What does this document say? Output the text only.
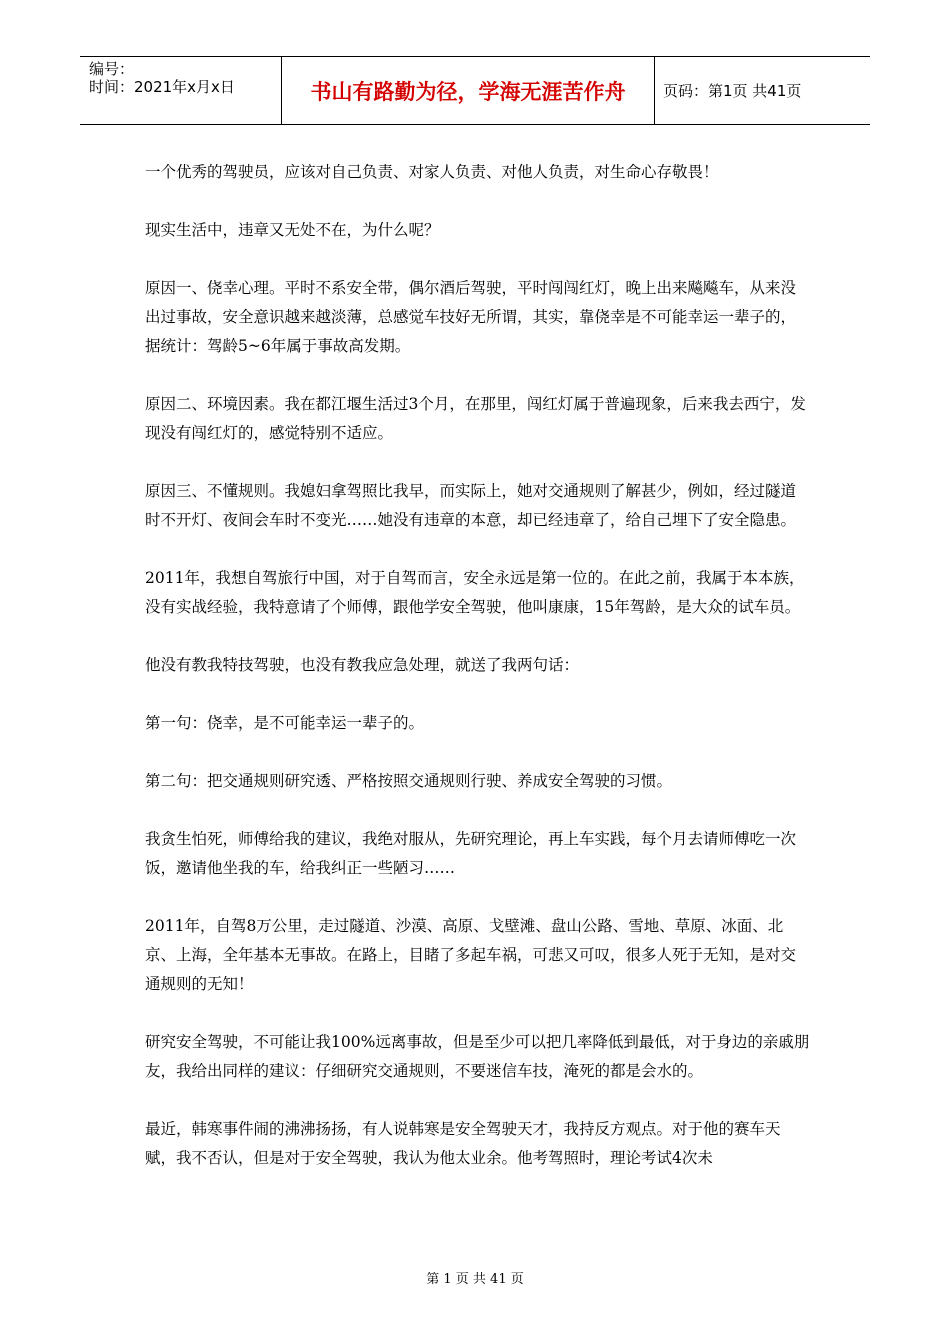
编号：
时间：2021年x月x日	书山有路勤为径，学海无涯苦作舟	页码：第1页 共41页

一个优秀的驾驶员，应该对自己负责、对家人负责、对他人负责，对生命心存敬畏！

现实生活中，违章又无处不在，为什么呢？

原因一、侥幸心理。平时不系安全带，偶尔酒后驾驶，平时闯闯红灯，晚上出来飚飚车，从来没出过事故，安全意识越来越淡薄，总感觉车技好无所谓，其实，靠侥幸是不可能幸运一辈子的，据统计：驾龄5~6年属于事故高发期。

原因二、环境因素。我在都江堰生活过3个月，在那里，闯红灯属于普遍现象，后来我去西宁，发现没有闯红灯的，感觉特别不适应。

原因三、不懂规则。我媳妇拿驾照比我早，而实际上，她对交通规则了解甚少，例如，经过隧道时不开灯、夜间会车时不变光……她没有违章的本意，却已经违章了，给自己埋下了安全隐患。

2011年，我想自驾旅行中国，对于自驾而言，安全永远是第一位的。在此之前，我属于本本族，没有实战经验，我特意请了个师傅，跟他学安全驾驶，他叫康康，15年驾龄，是大众的试车员。

他没有教我特技驾驶，也没有教我应急处理，就送了我两句话：

第一句：侥幸，是不可能幸运一辈子的。

第二句：把交通规则研究透、严格按照交通规则行驶、养成安全驾驶的习惯。

我贪生怕死，师傅给我的建议，我绝对服从，先研究理论，再上车实践，每个月去请师傅吃一次饭，邀请他坐我的车，给我纠正一些陋习……

2011年，自驾8万公里，走过隧道、沙漠、高原、戈壁滩、盘山公路、雪地、草原、冰面、北京、上海，全年基本无事故。在路上，目睹了多起车祸，可悲又可叹，很多人死于无知，是对交通规则的无知！

研究安全驾驶，不可能让我100%远离事故，但是至少可以把几率降低到最低，对于身边的亲戚朋友，我给出同样的建议：仔细研究交通规则，不要迷信车技，淹死的都是会水的。

最近，韩寒事件闹的沸沸扬扬，有人说韩寒是安全驾驶天才，我持反方观点。对于他的赛车天赋，我不否认，但是对于安全驾驶，我认为他太业余。他考驾照时，理论考试4次未

第 1 页 共 41 页
